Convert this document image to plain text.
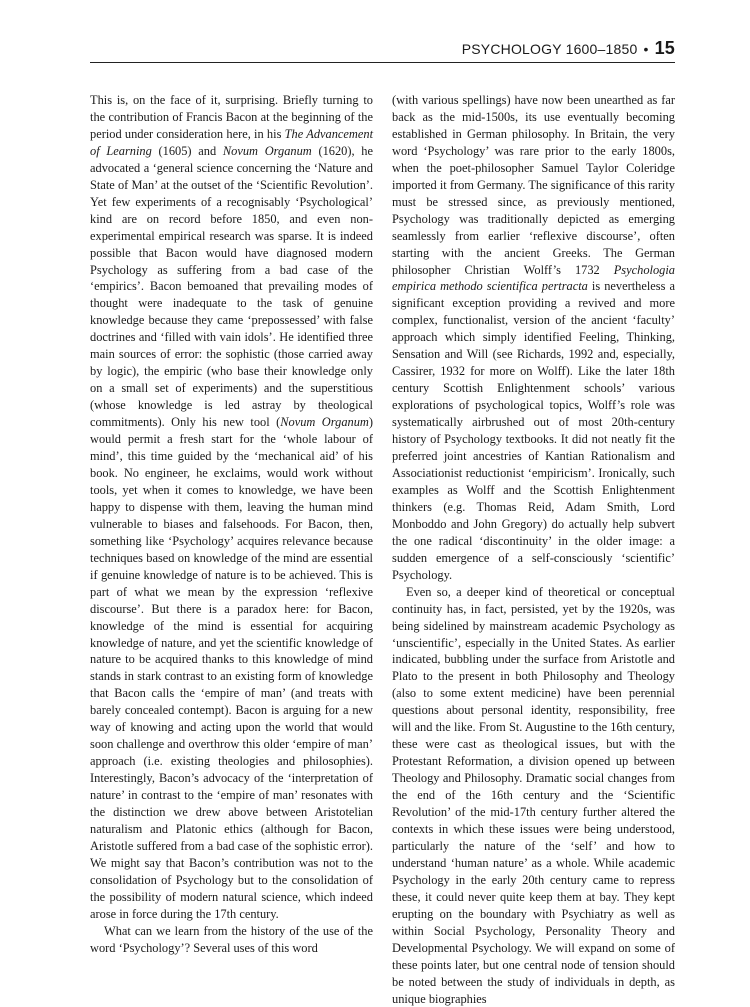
PSYCHOLOGY 1600–1850 • 15

This is, on the face of it, surprising. Briefly turning to the contribution of Francis Bacon at the beginning of the period under consideration here, in his The Advancement of Learning (1605) and Novum Organum (1620), he advocated a ‘general science concerning the ‘Nature and State of Man’ at the outset of the ‘Scientific Revolution’. Yet few experiments of a recognisably ‘Psychological’ kind are on record before 1850, and even non-experimental empirical research was sparse. It is indeed possible that Bacon would have diagnosed modern Psychology as suffering from a bad case of the ‘empirics’. Bacon bemoaned that prevailing modes of thought were inadequate to the task of genuine knowledge because they came ‘prepossessed’ with false doctrines and ‘filled with vain idols’. He identified three main sources of error: the sophistic (those carried away by logic), the empiric (who base their knowledge only on a small set of experiments) and the superstitious (whose knowledge is led astray by theological commitments). Only his new tool (Novum Organum) would permit a fresh start for the ‘whole labour of mind’, this time guided by the ‘mechanical aid’ of his book. No engineer, he exclaims, would work without tools, yet when it comes to knowledge, we have been happy to dispense with them, leaving the human mind vulnerable to biases and falsehoods. For Bacon, then, something like ‘Psychology’ acquires relevance because techniques based on knowledge of the mind are essential if genuine knowledge of nature is to be achieved. This is part of what we mean by the expression ‘reflexive discourse’. But there is a paradox here: for Bacon, knowledge of the mind is essential for acquiring knowledge of nature, and yet the scientific knowledge of nature to be acquired thanks to this knowledge of mind stands in stark contrast to an existing form of knowledge that Bacon calls the ‘empire of man’ (and treats with barely concealed contempt). Bacon is arguing for a new way of knowing and acting upon the world that would soon challenge and overthrow this older ‘empire of man’ approach (i.e. existing theologies and philosophies). Interestingly, Bacon’s advocacy of the ‘interpretation of nature’ in contrast to the ‘empire of man’ resonates with the distinction we drew above between Aristotelian naturalism and Platonic ethics (although for Bacon, Aristotle suffered from a bad case of the sophistic error). We might say that Bacon’s contribution was not to the consolidation of Psychology but to the consolidation of the possibility of modern natural science, which indeed arose in force during the 17th century.

What can we learn from the history of the use of the word ‘Psychology’? Several uses of this word

(with various spellings) have now been unearthed as far back as the mid-1500s, its use eventually becoming established in German philosophy. In Britain, the very word ‘Psychology’ was rare prior to the early 1800s, when the poet-philosopher Samuel Taylor Coleridge imported it from Germany. The significance of this rarity must be stressed since, as previously mentioned, Psychology was traditionally depicted as emerging seamlessly from earlier ‘reflexive discourse’, often starting with the ancient Greeks. The German philosopher Christian Wolff’s 1732 Psychologia empirica methodo scientifica pertracta is nevertheless a significant exception providing a revived and more complex, functionalist, version of the ancient ‘faculty’ approach which simply identified Feeling, Thinking, Sensation and Will (see Richards, 1992 and, especially, Cassirer, 1932 for more on Wolff). Like the later 18th century Scottish Enlightenment schools’ various explorations of psychological topics, Wolff’s role was systematically airbrushed out of most 20th-century history of Psychology textbooks. It did not neatly fit the preferred joint ancestries of Kantian Rationalism and Associationist reductionist ‘empiricism’. Ironically, such examples as Wolff and the Scottish Enlightenment thinkers (e.g. Thomas Reid, Adam Smith, Lord Monboddo and John Gregory) do actually help subvert the one radical ‘discontinuity’ in the older image: a sudden emergence of a self-consciously ‘scientific’ Psychology.

Even so, a deeper kind of theoretical or conceptual continuity has, in fact, persisted, yet by the 1920s, was being sidelined by mainstream academic Psychology as ‘unscientific’, especially in the United States. As earlier indicated, bubbling under the surface from Aristotle and Plato to the present in both Philosophy and Theology (also to some extent medicine) have been perennial questions about personal identity, responsibility, free will and the like. From St. Augustine to the 16th century, these were cast as theological issues, but with the Protestant Reformation, a division opened up between Theology and Philosophy. Dramatic social changes from the end of the 16th century and the ‘Scientific Revolution’ of the mid-17th century further altered the contexts in which these issues were being understood, particularly the nature of the ‘self’ and how to understand ‘human nature’ as a whole. While academic Psychology in the early 20th century came to repress these, it could never quite keep them at bay. They kept erupting on the boundary with Psychiatry as well as within Social Psychology, Personality Theory and Developmental Psychology. We will expand on some of these points later, but one central node of tension should be noted between the study of individuals in depth, as unique biographies
